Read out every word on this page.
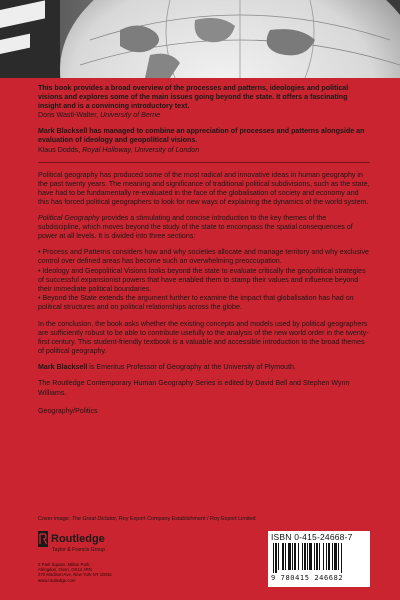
This book provides a broad overview of the processes and patterns, ideologies and political visions and explores some of the main issues going beyond the state. It offers a fascinating insight and is a convincing introductory text.
Doris Wastl-Walter, University of Berne
Mark Blacksell has managed to combine an appreciation of processes and patterns alongside an evaluation of ideology and geopolitical visions.
Klaus Dodds, Royal Holloway, University of London

Political geography has produced some of the most radical and innovative ideas in human geography in the past twenty years. The meaning and significance of traditional political subdivisions, such as the state, have had to be fundamentally re-evaluated in the face of the globalisation of society and economy and this has forced political geographers to look for new ways of explaining the dynamics of the world system.

Political Geography provides a stimulating and concise introduction to the key themes of the subdiscipline, which moves beyond the study of the state to encompass the spatial consequences of power at all levels. It is divided into three sections:

• Process and Patterns considers how and why societies allocate and manage territory and why exclusive control over defined areas has become such an overwhelming preoccupation.

• Ideology and Geopolitical Visions looks beyond the state to evaluate critically the geopolitical strategies of successful expansionist powers that have enabled them to stamp their values and influence beyond their immediate political boundaries.

• Beyond the State extends the argument further to examine the impact that globalisation has had on political structures and on political relationships across the globe.

In the conclusion, the book asks whether the existing concepts and models used by political geographers are sufficiently robust to be able to contribute usefully to the analysis of the new world order in the twenty-first century. This student-friendly textbook is a valuable and accessible introduction to the broad themes of political geography.

Mark Blacksell is Emeritus Professor of Geography at the University of Plymouth.

The Routledge Contemporary Human Geography Series is edited by David Bell and Stephen Wynn Williams.

Geography/Politics

Cover image: The Great Dictator, Roy Export Company Establishment / Roy Export Limited
Routledge
Taylor & Francis Group
2 Park Square, Milton Park,
Abingdon, Oxon, OX14 4RN
270 Madison Ave, New York NY 10016
www.routledge.com
ISBN 0-415-24668-7
9 780415 246682
